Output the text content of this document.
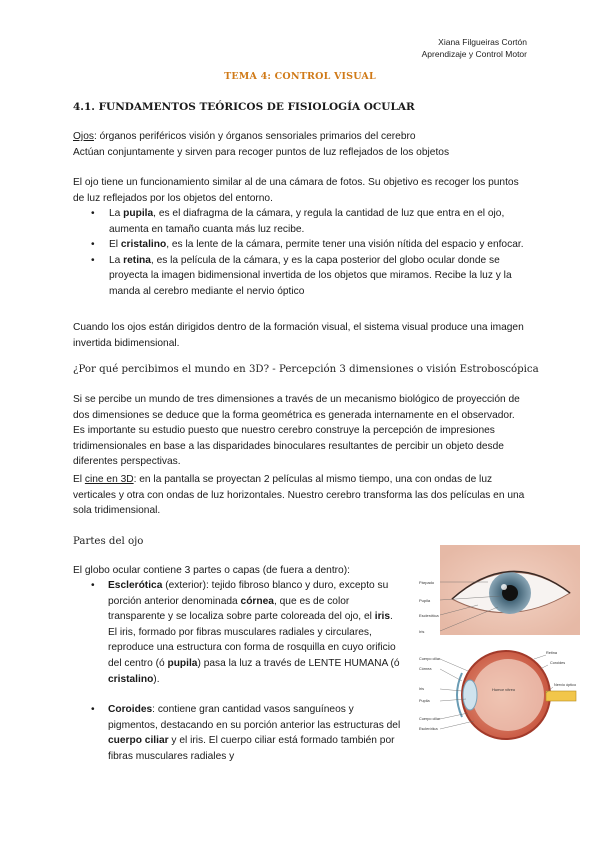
Xiana Filgueiras Cortón
Aprendizaje y Control Motor
TEMA 4: CONTROL VISUAL
4.1. FUNDAMENTOS TEÓRICOS DE FISIOLOGÍA OCULAR
Ojos: órganos periféricos visión y órganos sensoriales primarios del cerebro
Actúan conjuntamente y sirven para recoger puntos de luz reflejados de los objetos
El ojo tiene un funcionamiento similar al de una cámara de fotos. Su objetivo es recoger los puntos de luz reflejados por los objetos del entorno.
• La pupila, es el diafragma de la cámara, y regula la cantidad de luz que entra en el ojo, aumenta en tamaño cuanta más luz recibe.
• El cristalino, es la lente de la cámara, permite tener una visión nítida del espacio y enfocar.
• La retina, es la película de la cámara, y es la capa posterior del globo ocular donde se proyecta la imagen bidimensional invertida de los objetos que miramos. Recibe la luz y la manda al cerebro mediante el nervio óptico
Cuando los ojos están dirigidos dentro de la formación visual, el sistema visual produce una imagen invertida bidimensional.
¿Por qué percibimos el mundo en 3D? - Percepción 3 dimensiones o visión Estroboscópica
Si se percibe un mundo de tres dimensiones a través de un mecanismo biológico de proyección de dos dimensiones se deduce que la forma geométrica es generada internamente en el observador. Es importante su estudio puesto que nuestro cerebro construye la percepción de impresiones tridimensionales en base a las disparidades binoculares resultantes de percibir un objeto desde diferentes perspectivas.
El cine en 3D: en la pantalla se proyectan 2 películas al mismo tiempo, una con ondas de luz verticales y otra con ondas de luz horizontales. Nuestro cerebro transforma las dos películas en una sola tridimensional.
Partes del ojo
El globo ocular contiene 3 partes o capas (de fuera a dentro):
• Esclerótica (exterior): tejido fibroso blanco y duro, excepto su porción anterior denominada córnea, que es de color transparente y se localiza sobre parte coloreada del ojo, el iris. El iris, formado por fibras musculares radiales y circulares, reproduce una estructura con forma de rosquilla en cuyo orificio del centro (ó pupila) pasa la luz a través de LENTE HUMANA (ó cristalino).
• Coroides: contiene gran cantidad vasos sanguíneos y pigmentos, destacando en su porción anterior las estructuras del cuerpo ciliar y el iris. El cuerpo ciliar está formado también por fibras musculares radiales y
Párpado
Pupila
Esclerótica
Iris
Humor vítreo
Cuerpo ciliar
Córnea
Iris
Pupila
Cuerpo ciliar
Esclerótica
Retina
Coroides
Nervio óptico
